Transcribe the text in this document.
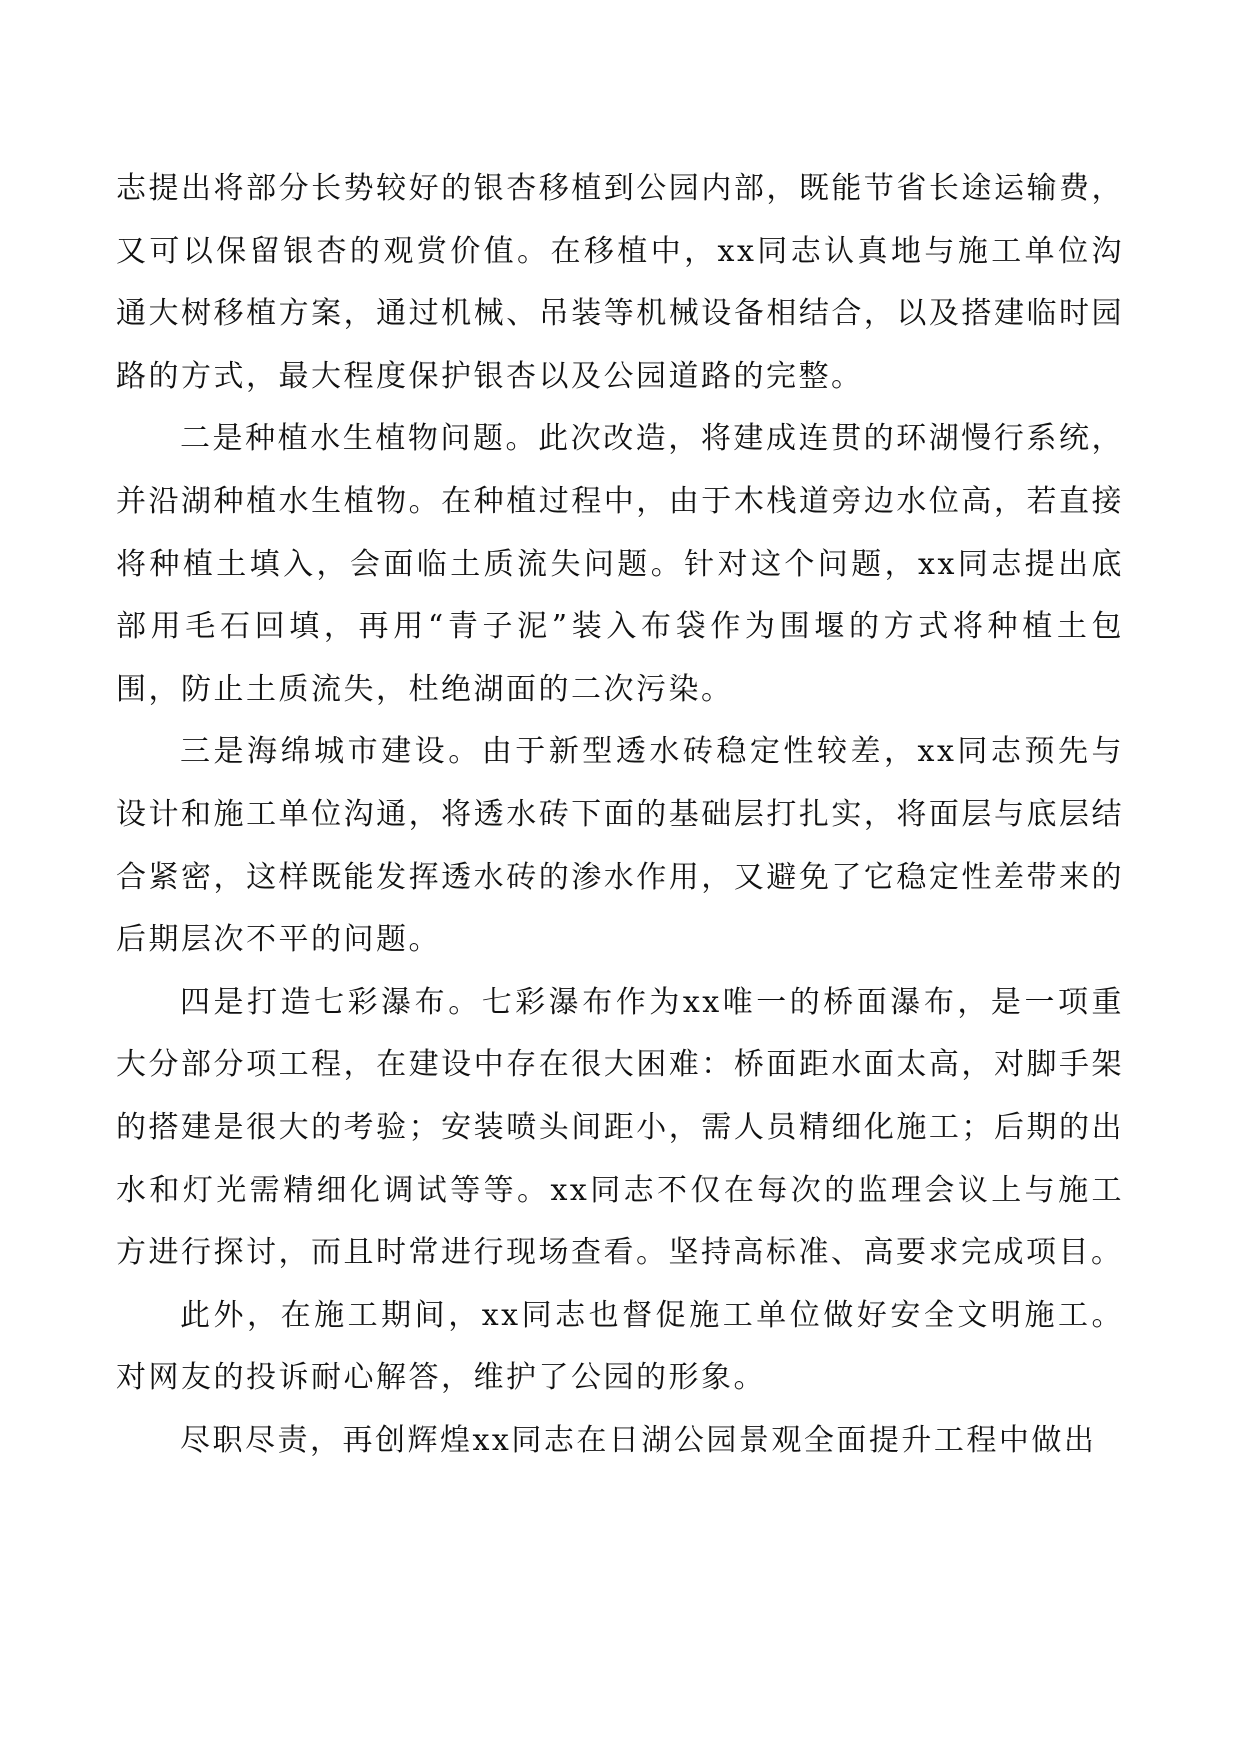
志提出将部分长势较好的银杏移植到公园内部，既能节省长途运输费，又可以保留银杏的观赏价值。在移植中，xx同志认真地与施工单位沟通大树移植方案，通过机械、吊装等机械设备相结合，以及搭建临时园路的方式，最大程度保护银杏以及公园道路的完整。

二是种植水生植物问题。此次改造，将建成连贯的环湖慢行系统，并沿湖种植水生植物。在种植过程中，由于木栈道旁边水位高，若直接将种植土填入，会面临土质流失问题。针对这个问题，xx同志提出底部用毛石回填，再用“青子泥”装入布袋作为围堰的方式将种植土包围，防止土质流失，杜绝湖面的二次污染。

三是海绵城市建设。由于新型透水砖稳定性较差，xx同志预先与设计和施工单位沟通，将透水砖下面的基础层打扎实，将面层与底层结合紧密，这样既能发挥透水砖的渗水作用，又避免了它稳定性差带来的后期层次不平的问题。

四是打造七彩瀑布。七彩瀑布作为xx唯一的桥面瀑布，是一项重大分部分项工程，在建设中存在很大困难：桥面距水面太高，对脚手架的搭建是很大的考验；安装喷头间距小，需人员精细化施工；后期的出水和灯光需精细化调试等等。xx同志不仅在每次的监理会议上与施工方进行探讨，而且时常进行现场查看。坚持高标准、高要求完成项目。

此外，在施工期间，xx同志也督促施工单位做好安全文明施工。对网友的投诉耐心解答，维护了公园的形象。

尽职尽责，再创辉煌xx同志在日湖公园景观全面提升工程中做出
